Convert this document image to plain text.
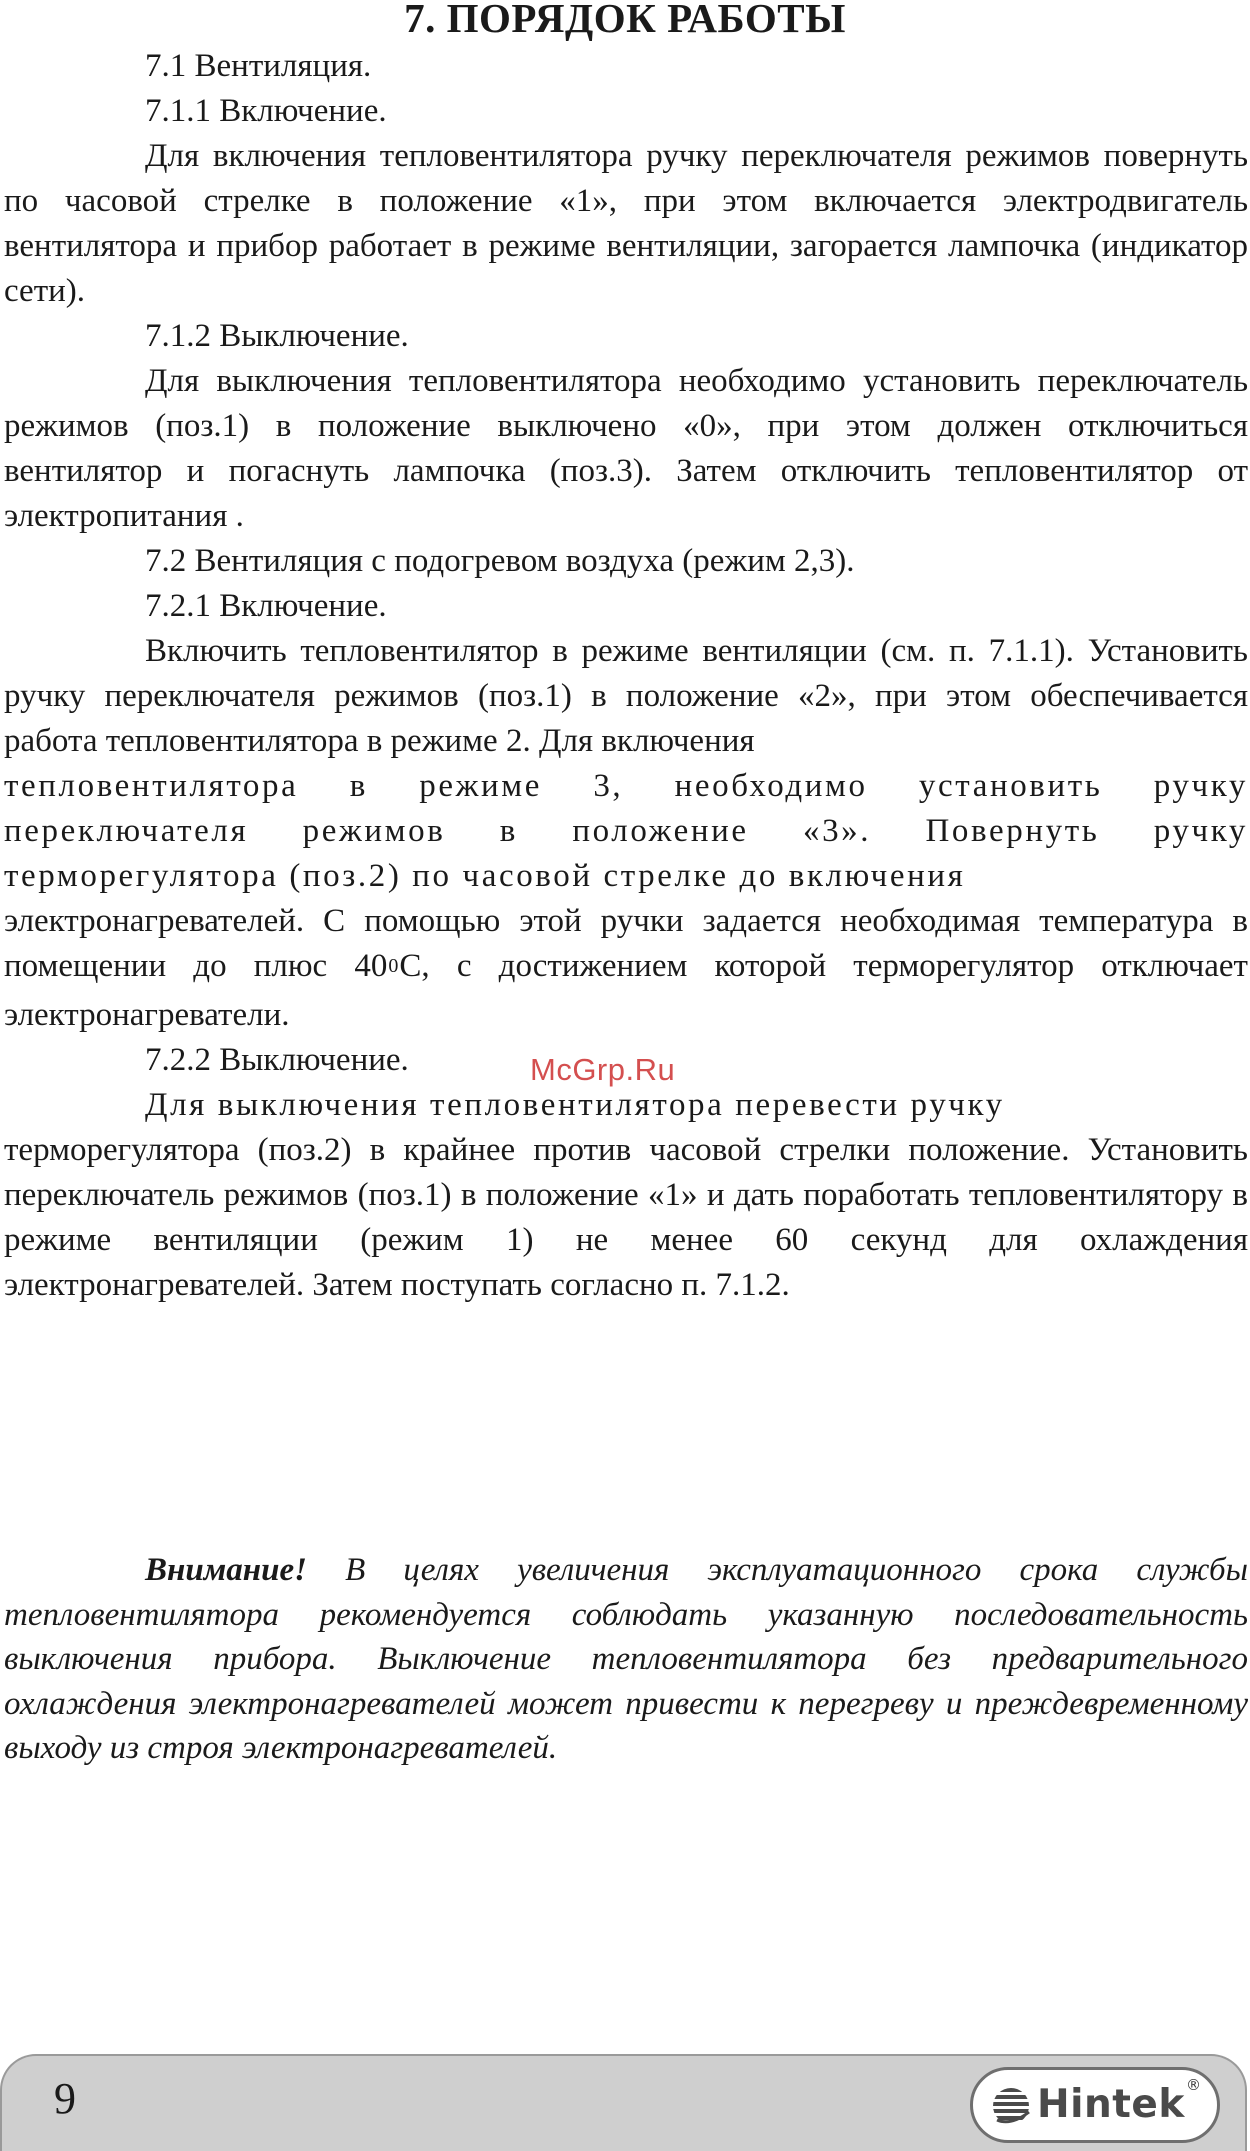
7. ПОРЯДОК РАБОТЫ

7.1 Вентиляция.

7.1.1 Включение.

Для включения тепловентилятора ручку переключателя режимов повернуть по часовой стрелке в положение «1», при этом включается электродвигатель вентилятора и прибор работает в режиме вентиляции, загорается лампочка (индикатор сети).

7.1.2 Выключение.

Для выключения тепловентилятора необходимо установить переключатель режимов (поз.1) в положение выключено «0», при этом должен отключиться вентилятор и погаснуть лампочка (поз.3). Затем отключить тепловентилятор от электропитания .

7.2 Вентиляция с подогревом воздуха (режим 2,3).

7.2.1 Включение.

Включить тепловентилятор в режиме вентиляции (см. п. 7.1.1). Установить ручку переключателя режимов (поз.1) в положение «2», при этом обеспечивается работа тепловентилятора в режиме 2. Для включения

тепловентилятора в режиме 3, необходимо установить ручку переключателя режимов в положение «3». Повернуть ручку терморегулятора (поз.2) по часовой стрелке до включения

электронагревателей. С помощью этой ручки задается необходимая температура в помещении до плюс $40^0С$, с достижением которой терморегулятор отключает электронагреватели.

7.2.2 Выключение.

Для выключения тепловентилятора перевести ручку

терморегулятора (поз.2) в крайнее против часовой стрелки положение. Установить переключатель режимов (поз.1) в положение «1» и дать поработать тепловентилятору в режиме вентиляции (режим 1) не менее 60 секунд для охлаждения электронагревателей. Затем поступать согласно п. 7.1.2.

McGrp.Ru

Внимание! В целях увеличения эксплуатационного срока службы тепловентилятора рекомендуется соблюдать указанную последовательность выключения прибора. Выключение тепловентилятора без предварительного охлаждения электронагревателей может привести к перегреву и преждевременному выходу из строя электронагревателей.

9	Hintek ®
